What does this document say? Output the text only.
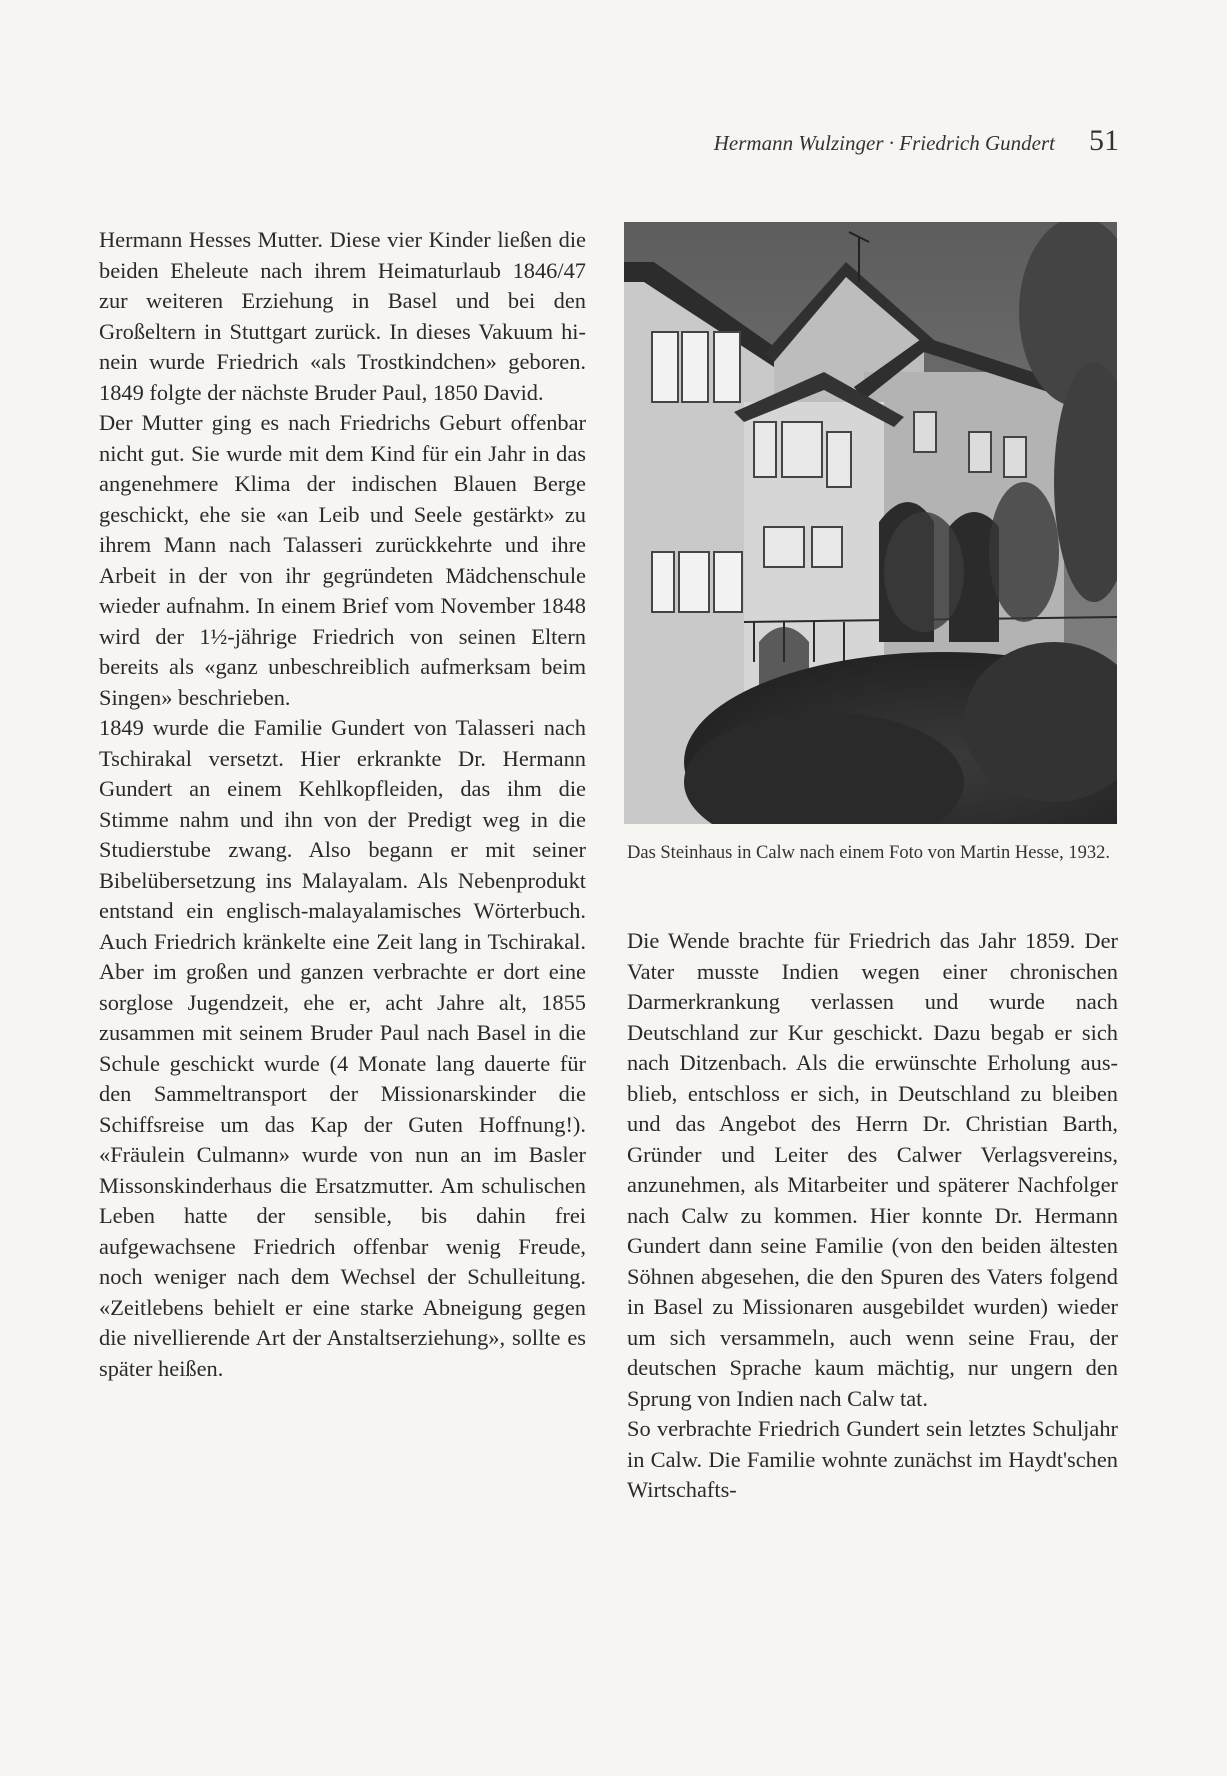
Hermann Wulzinger · Friedrich Gundert 51

Hermann Hesses Mutter. Diese vier Kinder ließen die beiden Eheleute nach ihrem Heimaturlaub 1846/47 zur weiteren Erziehung in Basel und bei den Großeltern in Stuttgart zurück. In dieses Vakuum hinein wurde Friedrich «als Trostkindchen» geboren. 1849 folgte der nächste Bruder Paul, 1850 David.

Der Mutter ging es nach Friedrichs Geburt offenbar nicht gut. Sie wurde mit dem Kind für ein Jahr in das angenehmere Klima der indischen Blauen Berge geschickt, ehe sie «an Leib und Seele gestärkt» zu ihrem Mann nach Talasseri zurückkehrte und ihre Arbeit in der von ihr gegründeten Mädchenschule wieder aufnahm. In einem Brief vom November 1848 wird der 1½-jährige Friedrich von seinen Eltern bereits als «ganz unbeschreiblich aufmerksam beim Singen» beschrieben.

1849 wurde die Familie Gundert von Talasseri nach Tschirakal versetzt. Hier erkrankte Dr. Hermann Gundert an einem Kehlkopfleiden, das ihm die Stimme nahm und ihn von der Predigt weg in die Studierstube zwang. Also begann er mit seiner Bibelübersetzung ins Malayalam. Als Nebenprodukt entstand ein englisch-malayalamisches Wörterbuch. Auch Friedrich kränkelte eine Zeit lang in Tschirakal. Aber im großen und ganzen verbrachte er dort eine sorglose Jugendzeit, ehe er, acht Jahre alt, 1855 zusammen mit seinem Bruder Paul nach Basel in die Schule geschickt wurde (4 Monate lang dauerte für den Sammeltransport der Missionarskinder die Schiffsreise um das Kap der Guten Hoffnung!). «Fräulein Culmann» wurde von nun an im Basler Missonskinderhaus die Ersatzmutter. Am schulischen Leben hatte der sensible, bis dahin frei aufgewachsene Friedrich offenbar wenig Freude, noch weniger nach dem Wechsel der Schulleitung. «Zeitlebens behielt er eine starke Abneigung gegen die nivellierende Art der Anstaltserziehung», sollte es später heißen.

Das Steinhaus in Calw nach einem Foto von Martin Hesse, 1932.

Die Wende brachte für Friedrich das Jahr 1859. Der Vater musste Indien wegen einer chronischen Darmerkrankung verlassen und wurde nach Deutschland zur Kur geschickt. Dazu begab er sich nach Ditzenbach. Als die erwünschte Erholung ausblieb, entschloss er sich, in Deutschland zu bleiben und das Angebot des Herrn Dr. Christian Barth, Gründer und Leiter des Calwer Verlagsvereins, anzunehmen, als Mitarbeiter und späterer Nachfolger nach Calw zu kommen. Hier konnte Dr. Hermann Gundert dann seine Familie (von den beiden ältesten Söhnen abgesehen, die den Spuren des Vaters folgend in Basel zu Missionaren ausgebildet wurden) wieder um sich versammeln, auch wenn seine Frau, der deutschen Sprache kaum mächtig, nur ungern den Sprung von Indien nach Calw tat.

So verbrachte Friedrich Gundert sein letztes Schuljahr in Calw. Die Familie wohnte zunächst im Haydt'schen Wirtschafts-
